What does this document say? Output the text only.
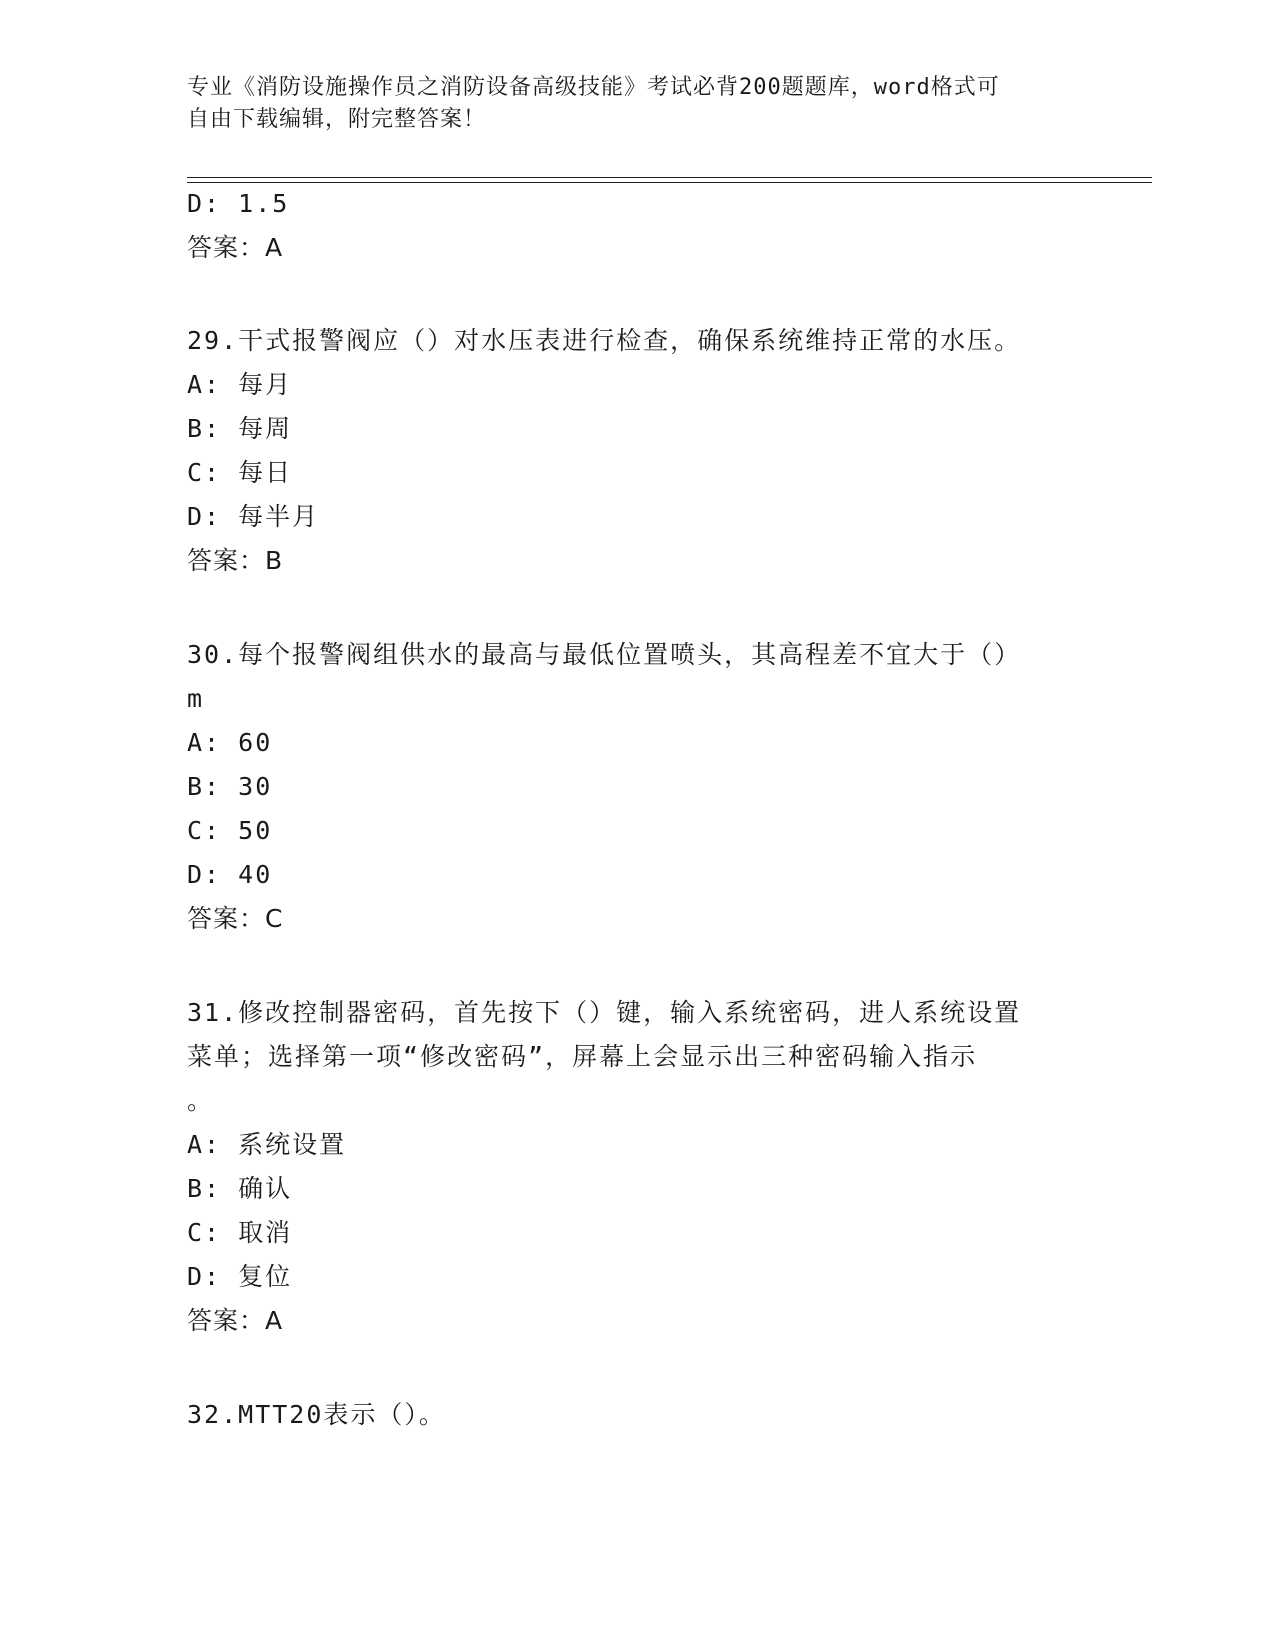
专业《消防设施操作员之消防设备高级技能》考试必背200题题库，word格式可
自由下载编辑，附完整答案！
D: 1.5
答案：A
29.干式报警阀应（）对水压表进行检查，确保系统维持正常的水压。
A: 每月
B: 每周
C: 每日
D: 每半月
答案：B
30.每个报警阀组供水的最高与最低位置喷头，其高程差不宜大于（）
m
A: 60
B: 30
C: 50
D: 40
答案：C
31.修改控制器密码，首先按下（）键，输入系统密码，进人系统设置
菜单；选择第一项“修改密码”，屏幕上会显示出三种密码输入指示
。
A: 系统设置
B: 确认
C: 取消
D: 复位
答案：A
32.MTT20表示（）。
